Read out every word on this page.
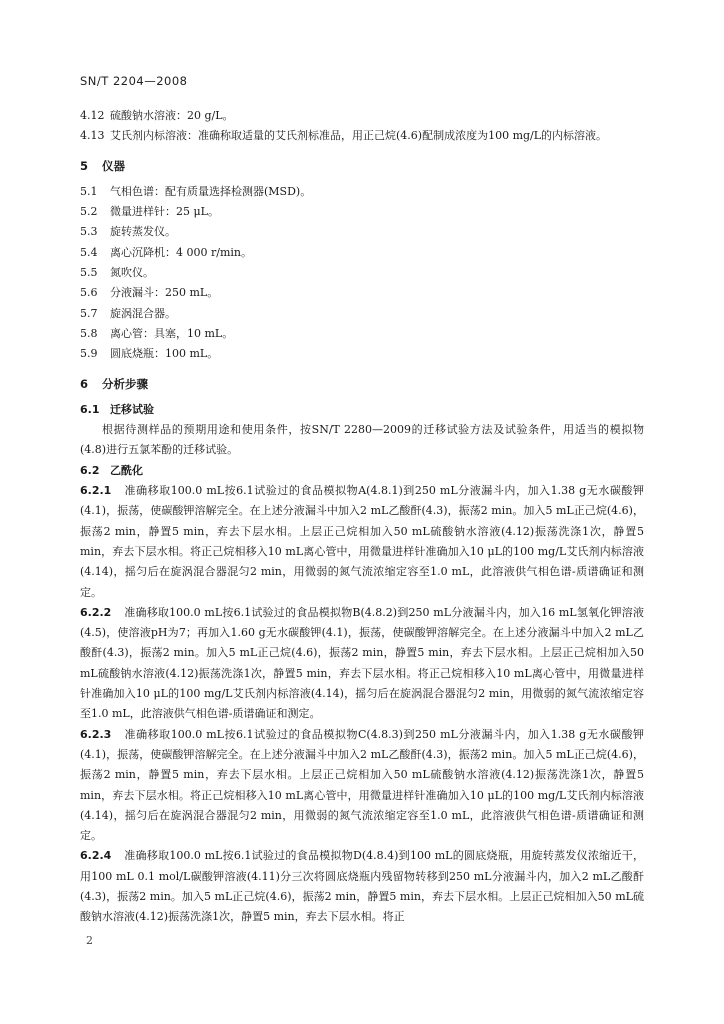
SN/T 2204—2008

4.12 硫酸钠水溶液：20 g/L。

4.13 艾氏剂内标溶液：准确称取适量的艾氏剂标准品，用正己烷(4.6)配制成浓度为100 mg/L的内标溶液。

5 仪器

5.1	气相色谱：配有质量选择检测器(MSD)。

5.2	微量进样针：25 μL。

5.3	旋转蒸发仪。

5.4	离心沉降机：4 000 r/min。

5.5	氮吹仪。

5.6	分液漏斗：250 mL。

5.7	旋涡混合器。

5.8	离心管：具塞，10 mL。

5.9	圆底烧瓶：100 mL。

6 分析步骤

6.1 迁移试验

根据待测样品的预期用途和使用条件，按SN/T 2280—2009的迁移试验方法及试验条件，用适当的模拟物(4.8)进行五氯苯酚的迁移试验。

6.2 乙酰化

6.2.1 准确移取100.0 mL按6.1试验过的食品模拟物A(4.8.1)到250 mL分液漏斗内，加入1.38 g无水碳酸钾(4.1)，振荡，使碳酸钾溶解完全。在上述分液漏斗中加入2 mL乙酸酐(4.3)，振荡2 min。加入5 mL正己烷(4.6)，振荡2 min，静置5 min，弃去下层水相。上层正己烷相加入50 mL硫酸钠水溶液(4.12)振荡洗涤1次，静置5 min，弃去下层水相。将正己烷相移入10 mL离心管中，用微量进样针准确加入10 μL的100 mg/L艾氏剂内标溶液(4.14)，摇匀后在旋涡混合器混匀2 min，用微弱的氮气流浓缩定容至1.0 mL，此溶液供气相色谱-质谱确证和测定。

6.2.2 准确移取100.0 mL按6.1试验过的食品模拟物B(4.8.2)到250 mL分液漏斗内，加入16 mL氢氧化钾溶液(4.5)，使溶液pH为7；再加入1.60 g无水碳酸钾(4.1)，振荡，使碳酸钾溶解完全。在上述分液漏斗中加入2 mL乙酸酐(4.3)，振荡2 min。加入5 mL正己烷(4.6)，振荡2 min，静置5 min，弃去下层水相。上层正己烷相加入50 mL硫酸钠水溶液(4.12)振荡洗涤1次，静置5 min，弃去下层水相。将正己烷相移入10 mL离心管中，用微量进样针准确加入10 μL的100 mg/L艾氏剂内标溶液(4.14)，摇匀后在旋涡混合器混匀2 min，用微弱的氮气流浓缩定容至1.0 mL，此溶液供气相色谱-质谱确证和测定。

6.2.3 准确移取100.0 mL按6.1试验过的食品模拟物C(4.8.3)到250 mL分液漏斗内，加入1.38 g无水碳酸钾(4.1)，振荡，使碳酸钾溶解完全。在上述分液漏斗中加入2 mL乙酸酐(4.3)，振荡2 min。加入5 mL正己烷(4.6)，振荡2 min，静置5 min，弃去下层水相。上层正己烷相加入50 mL硫酸钠水溶液(4.12)振荡洗涤1次，静置5 min，弃去下层水相。将正己烷相移入10 mL离心管中，用微量进样针准确加入10 μL的100 mg/L艾氏剂内标溶液(4.14)，摇匀后在旋涡混合器混匀2 min，用微弱的氮气流浓缩定容至1.0 mL，此溶液供气相色谱-质谱确证和测定。

6.2.4 准确移取100.0 mL按6.1试验过的食品模拟物D(4.8.4)到100 mL的圆底烧瓶，用旋转蒸发仪浓缩近干，用100 mL 0.1 mol/L碳酸钾溶液(4.11)分三次将圆底烧瓶内残留物转移到250 mL分液漏斗内，加入2 mL乙酸酐(4.3)，振荡2 min。加入5 mL正己烷(4.6)，振荡2 min，静置5 min，弃去下层水相。上层正己烷相加入50 mL硫酸钠水溶液(4.12)振荡洗涤1次，静置5 min，弃去下层水相。将正

2
